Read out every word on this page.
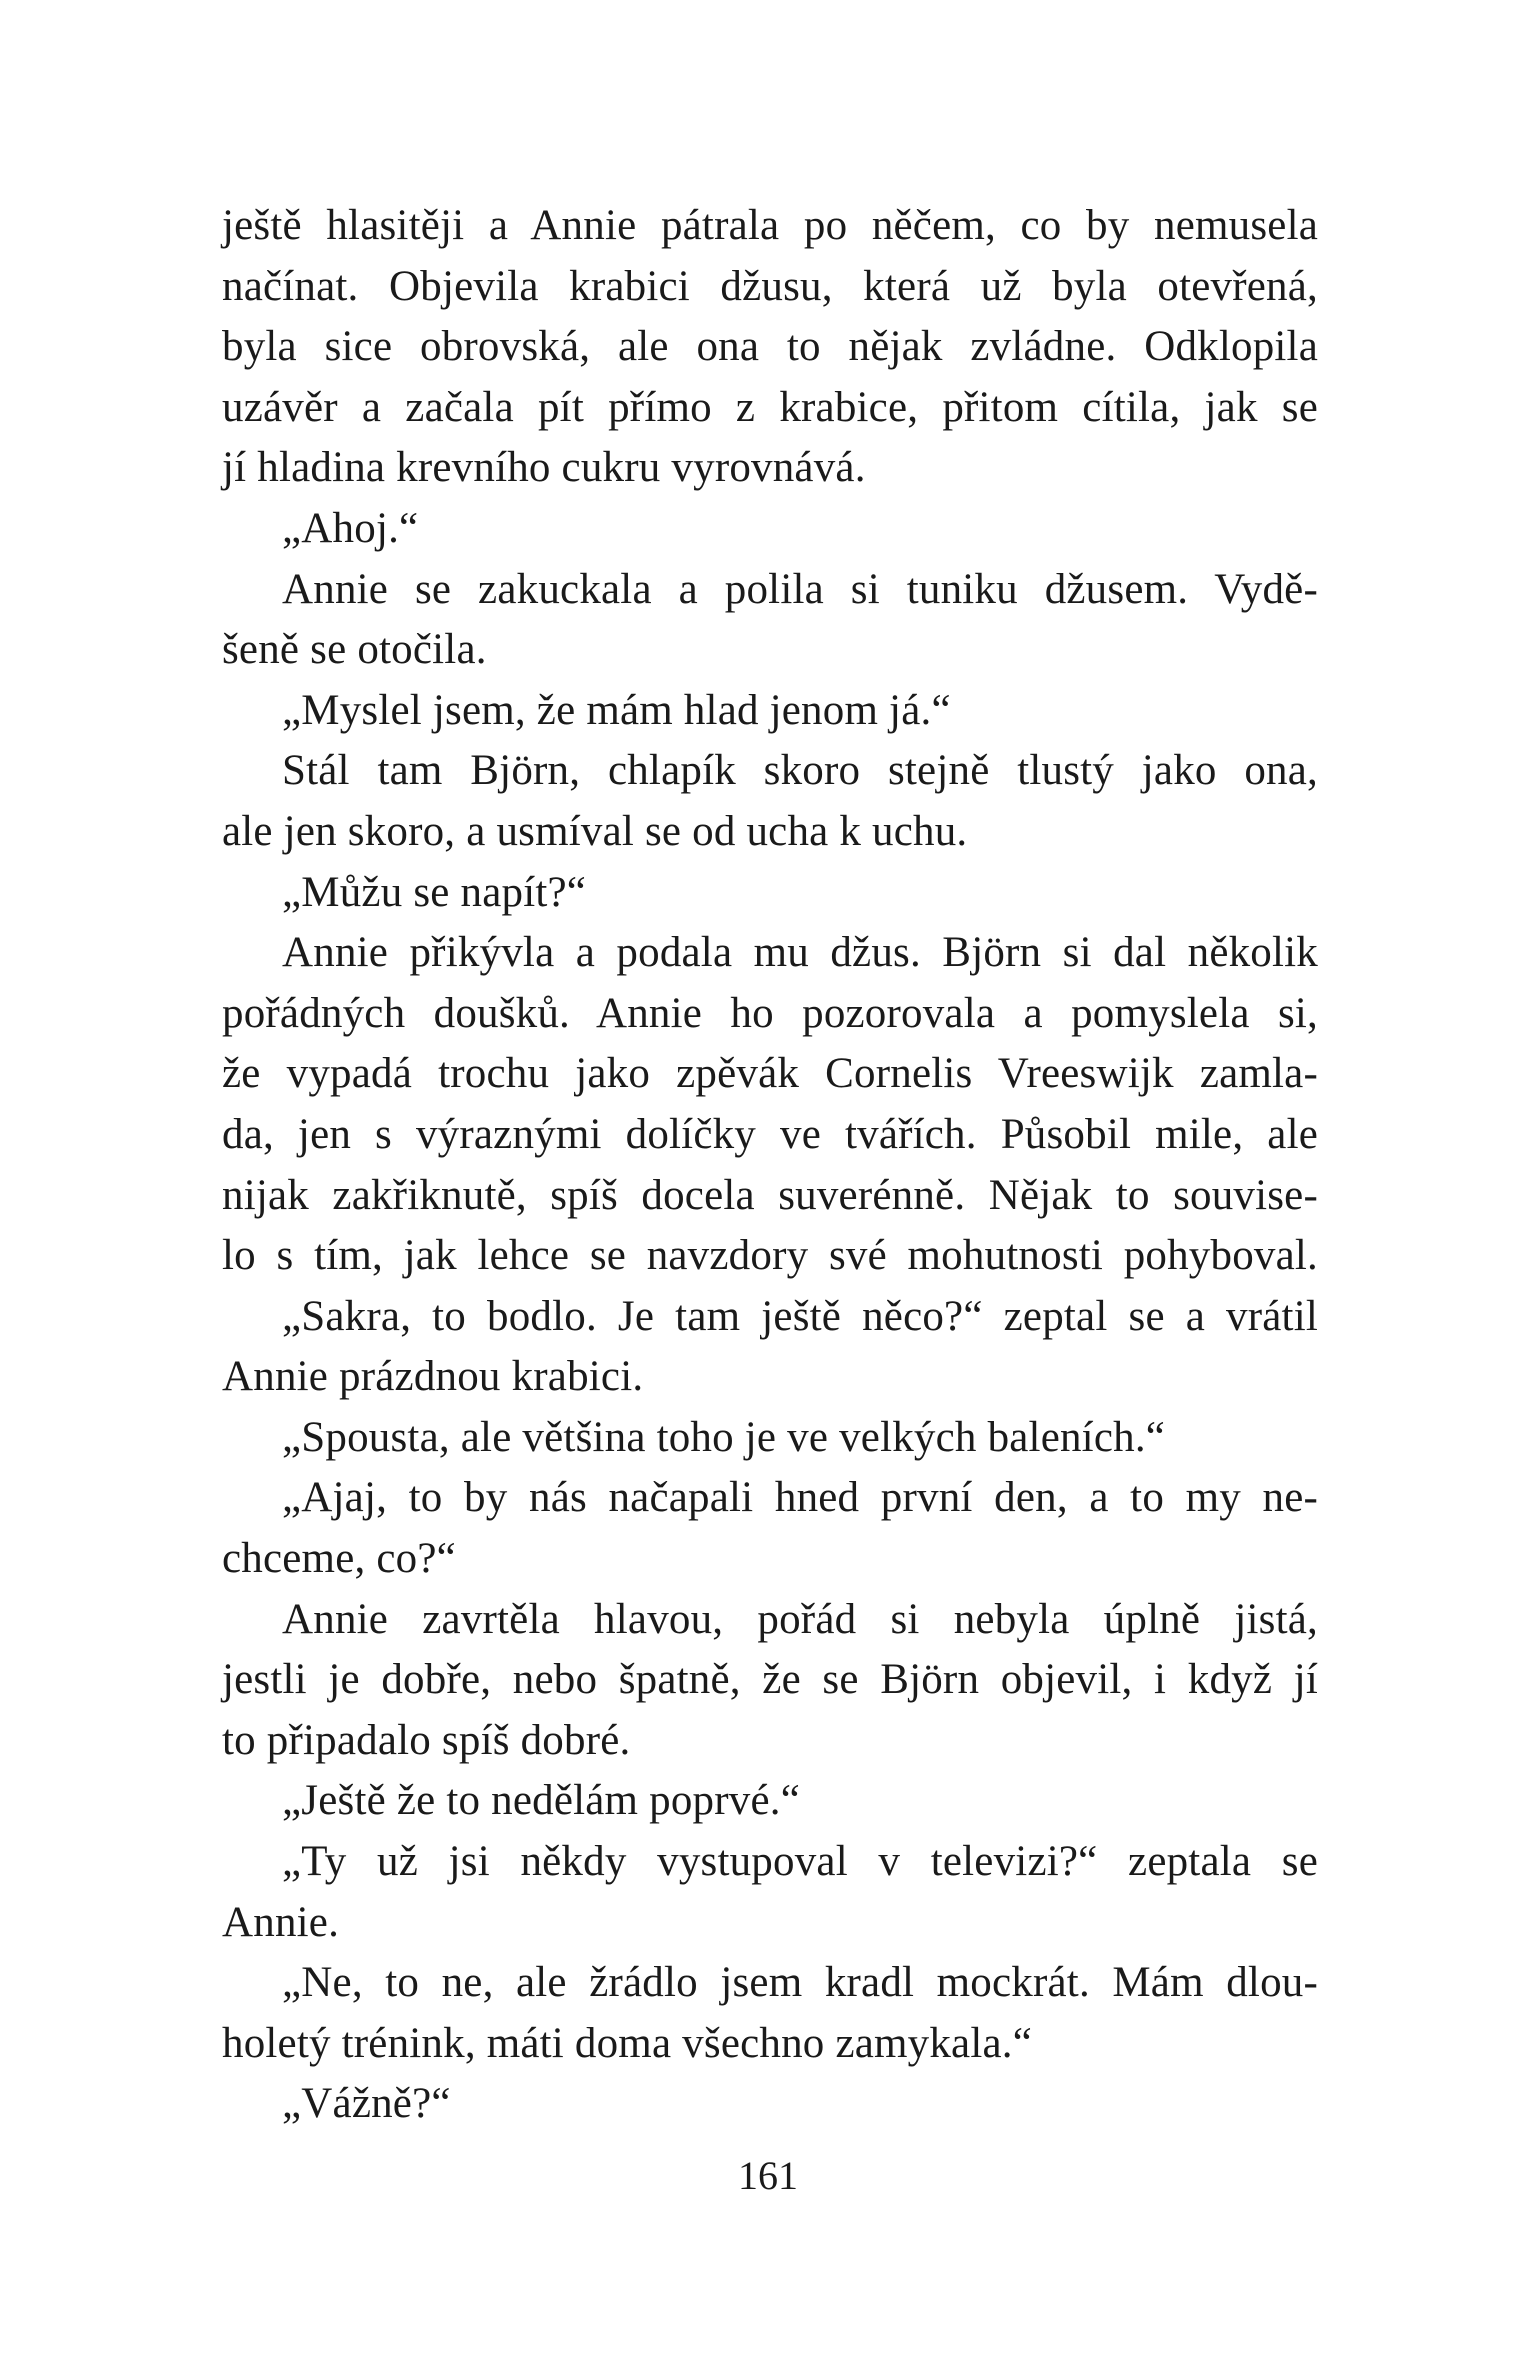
ještě hlasitěji a Annie pátrala po něčem, co by nemusela
načínat. Objevila krabici džusu, která už byla otevřená,
byla sice obrovská, ale ona to nějak zvládne. Odklopila
uzávěr a začala pít přímo z krabice, přitom cítila, jak se
jí hladina krevního cukru vyrovnává.
„Ahoj.“
Annie se zakuckala a polila si tuniku džusem. Vydě-
šeně se otočila.
„Myslel jsem, že mám hlad jenom já.“
Stál tam Björn, chlapík skoro stejně tlustý jako ona,
ale jen skoro, a usmíval se od ucha k uchu.
„Můžu se napít?“
Annie přikývla a podala mu džus. Björn si dal několik
pořádných doušků. Annie ho pozorovala a pomyslela si,
že vypadá trochu jako zpěvák Cornelis Vreeswijk zamla-
da, jen s výraznými dolíčky ve tvářích. Působil mile, ale
nijak zakřiknutě, spíš docela suverénně. Nějak to souvise-
lo s tím, jak lehce se navzdory své mohutnosti pohyboval.
„Sakra, to bodlo. Je tam ještě něco?“ zeptal se a vrátil
Annie prázdnou krabici.
„Spousta, ale většina toho je ve velkých baleních.“
„Ajaj, to by nás načapali hned první den, a to my ne-
chceme, co?“
Annie zavrtěla hlavou, pořád si nebyla úplně jistá,
jestli je dobře, nebo špatně, že se Björn objevil, i když jí
to připadalo spíš dobré.
„Ještě že to nedělám poprvé.“
„Ty už jsi někdy vystupoval v televizi?“ zeptala se
Annie.
„Ne, to ne, ale žrádlo jsem kradl mockrát. Mám dlou-
holetý trénink, máti doma všechno zamykala.“
„Vážně?“
161
